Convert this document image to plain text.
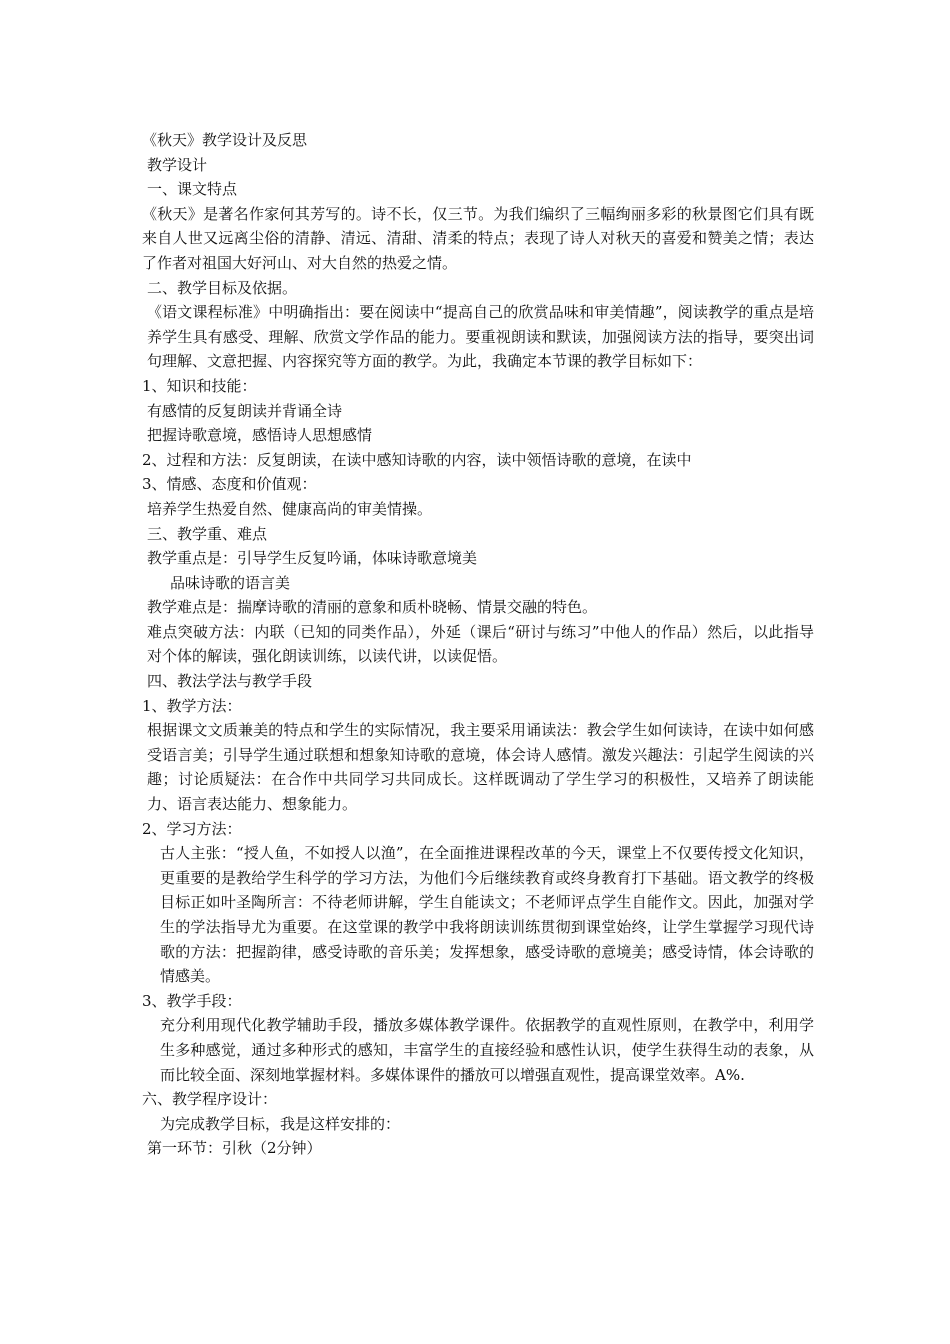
《秋天》教学设计及反思
教学设计
一、课文特点
《秋天》是著名作家何其芳写的。诗不长，仅三节。为我们编织了三幅绚丽多彩的秋景图它们具有既来自人世又远离尘俗的清静、清远、清甜、清柔的特点；表现了诗人对秋天的喜爱和赞美之情；表达了作者对祖国大好河山、对大自然的热爱之情。
二、教学目标及依据。
《语文课程标准》中明确指出：要在阅读中“提高自己的欣赏品味和审美情趣”，阅读教学的重点是培养学生具有感受、理解、欣赏文学作品的能力。要重视朗读和默读，加强阅读方法的指导，要突出词句理解、文意把握、内容探究等方面的教学。为此，我确定本节课的教学目标如下：
1、知识和技能：
有感情的反复朗读并背诵全诗
把握诗歌意境，感悟诗人思想感情
2、过程和方法：反复朗读，在读中感知诗歌的内容，读中领悟诗歌的意境，在读中
3、情感、态度和价值观：
培养学生热爱自然、健康高尚的审美情操。
三、教学重、难点
教学重点是：引导学生反复吟诵，体味诗歌意境美
品味诗歌的语言美
教学难点是：揣摩诗歌的清丽的意象和质朴晓畅、情景交融的特色。
难点突破方法：内联（已知的同类作品），外延（课后“研讨与练习”中他人的作品）然后，以此指导对个体的解读，强化朗读训练，以读代讲，以读促悟。
四、教法学法与教学手段
1、教学方法：
根据课文文质兼美的特点和学生的实际情况，我主要采用诵读法：教会学生如何读诗，在读中如何感受语言美；引导学生通过联想和想象知诗歌的意境，体会诗人感情。激发兴趣法：引起学生阅读的兴趣；讨论质疑法：在合作中共同学习共同成长。这样既调动了学生学习的积极性，又培养了朗读能力、语言表达能力、想象能力。
2、学习方法：
古人主张：“授人鱼，不如授人以渔”，在全面推进课程改革的今天，课堂上不仅要传授文化知识，更重要的是教给学生科学的学习方法，为他们今后继续教育或终身教育打下基础。语文教学的终极目标正如叶圣陶所言：不待老师讲解，学生自能读文；不老师评点学生自能作文。因此，加强对学生的学法指导尤为重要。在这堂课的教学中我将朗读训练贯彻到课堂始终，让学生掌握学习现代诗歌的方法：把握韵律，感受诗歌的音乐美；发挥想象，感受诗歌的意境美；感受诗情，体会诗歌的情感美。
3、教学手段：
充分利用现代化教学辅助手段，播放多媒体教学课件。依据教学的直观性原则，在教学中，利用学生多种感觉，通过多种形式的感知，丰富学生的直接经验和感性认识，使学生获得生动的表象，从而比较全面、深刻地掌握材料。多媒体课件的播放可以增强直观性，提高课堂效率。A%.
六、教学程序设计：
为完成教学目标，我是这样安排的：
第一环节：引秋（2分钟）
